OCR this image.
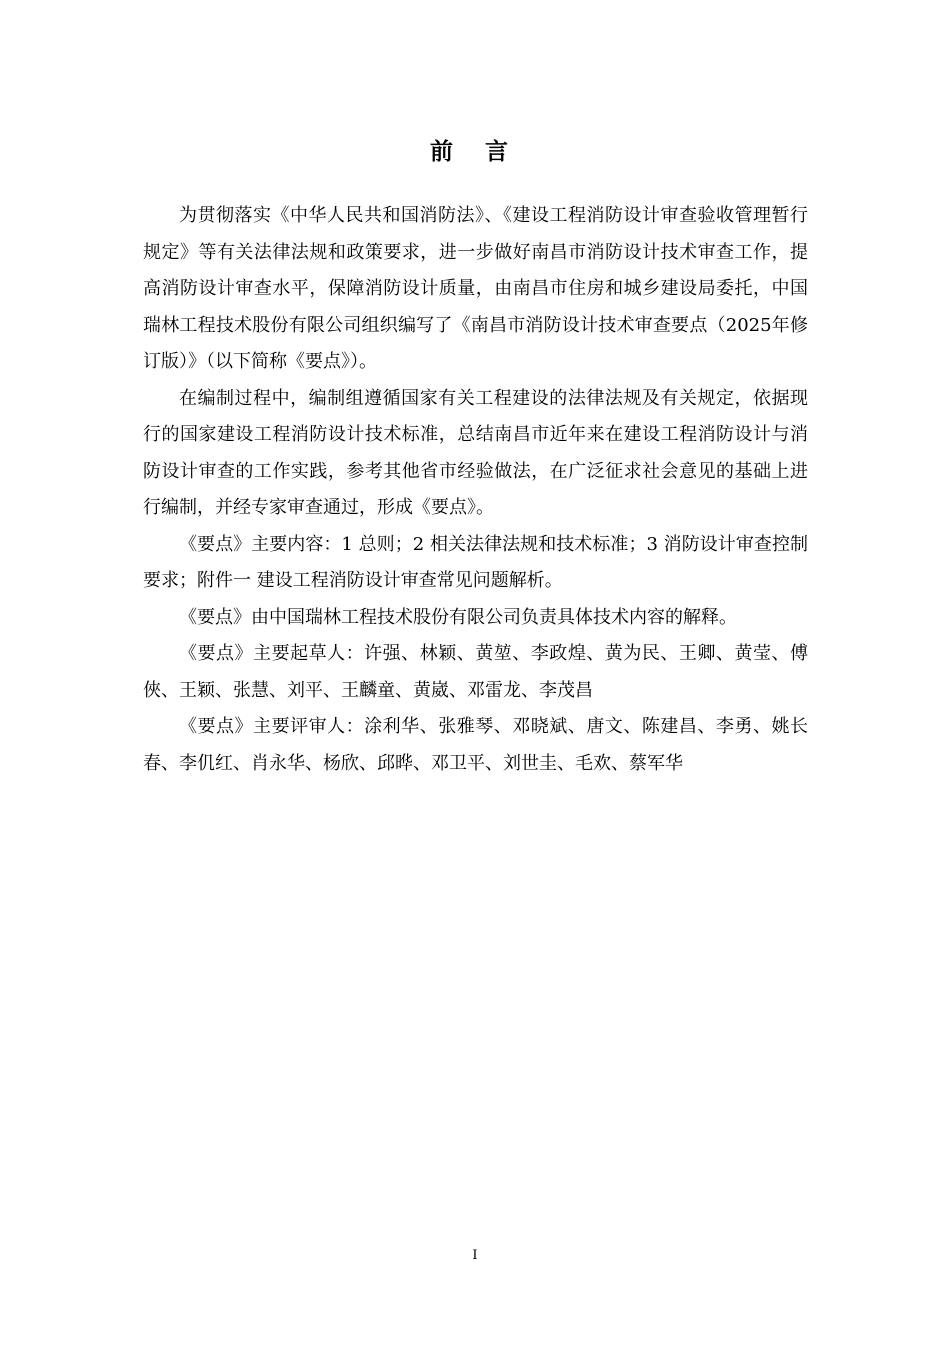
前 言

为贯彻落实《中华人民共和国消防法》、《建设工程消防设计审查验收管理暂行规定》等有关法律法规和政策要求，进一步做好南昌市消防设计技术审查工作，提高消防设计审查水平，保障消防设计质量，由南昌市住房和城乡建设局委托，中国瑞林工程技术股份有限公司组织编写了《南昌市消防设计技术审查要点（2025年修订版）》（以下简称《要点》）。

在编制过程中，编制组遵循国家有关工程建设的法律法规及有关规定，依据现行的国家建设工程消防设计技术标准，总结南昌市近年来在建设工程消防设计与消防设计审查的工作实践，参考其他省市经验做法，在广泛征求社会意见的基础上进行编制，并经专家审查通过，形成《要点》。

《要点》主要内容：1 总则；2 相关法律法规和技术标准；3 消防设计审查控制要求；附件一 建设工程消防设计审查常见问题解析。

《要点》由中国瑞林工程技术股份有限公司负责具体技术内容的解释。

《要点》主要起草人：许强、林颖、黄堃、李政煌、黄为民、王卿、黄莹、傅俠、王颖、张慧、刘平、王麟童、黄崴、邓雷龙、李茂昌

《要点》主要评审人：涂利华、张雅琴、邓晓斌、唐文、陈建昌、李勇、姚长春、李仉红、肖永华、杨欣、邱晔、邓卫平、刘世圭、毛欢、蔡军华

I
